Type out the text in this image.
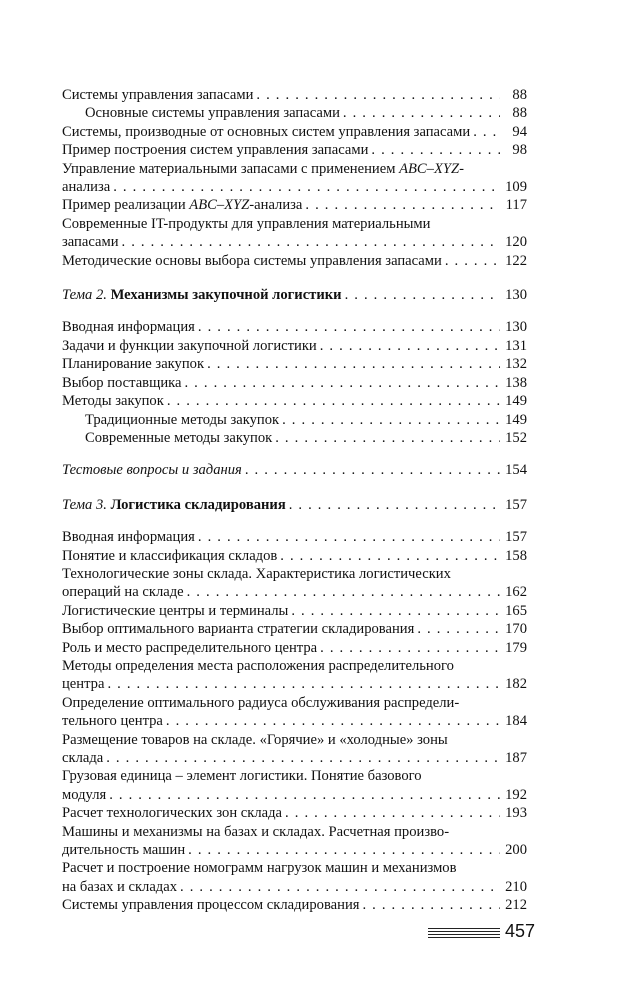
Системы управления запасами . . .	88
Основные системы управления запасами . . .	88
Системы, производные от основных систем управления запасами . . .	94
Пример построения систем управления запасами . . .	98
Управление материальными запасами с применением ABC–XYZ-
анализа . . .	109
Пример реализации ABC–XYZ-анализа . . .	117
Современные IT-продукты для управления материальными
запасами . . .	120
Методические основы выбора системы управления запасами . . .	122
Тема 2. Механизмы закупочной логистики . . .	130
Вводная информация . . .	130
Задачи и функции закупочной логистики . . .	131
Планирование закупок . . .	132
Выбор поставщика . . .	138
Методы закупок . . .	149
Традиционные методы закупок . . .	149
Современные методы закупок . . .	152
Тестовые вопросы и задания . . .	154
Тема 3. Логистика складирования . . .	157
Вводная информация . . .	157
Понятие и классификация складов . . .	158
Технологические зоны склада. Характеристика логистических
операций на складе . . .	162
Логистические центры и терминалы . . .	165
Выбор оптимального варианта стратегии складирования . . .	170
Роль и место распределительного центра . . .	179
Методы определения места расположения распределительного
центра . . .	182
Определение оптимального радиуса обслуживания распредели-
тельного центра . . .	184
Размещение товаров на складе. «Горячие» и «холодные» зоны
склада . . .	187
Грузовая единица – элемент логистики. Понятие базового
модуля . . .	192
Расчет технологических зон склада . . .	193
Машины и механизмы на базах и складах. Расчетная произво-
дительность машин . . .	200
Расчет и построение номограмм нагрузок машин и механизмов
на базах и складах . . .	210
Системы управления процессом складирования . . .	212
457
